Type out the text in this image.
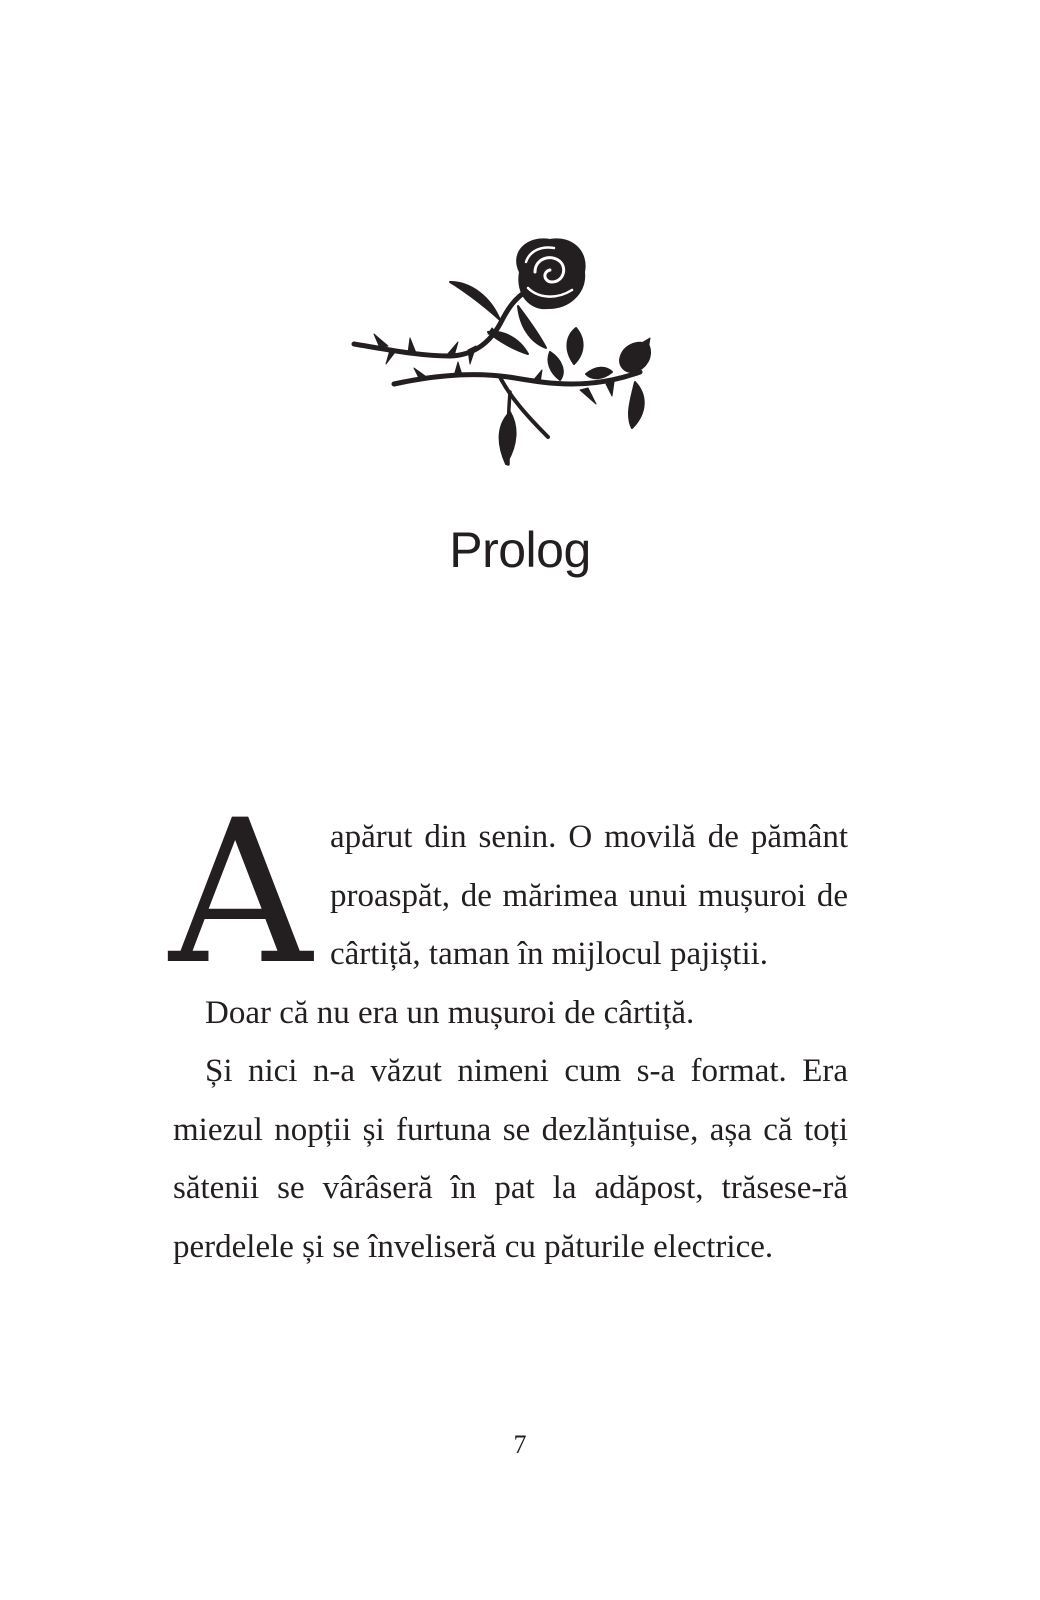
Prolog

Aapărut din senin. O movilă de pământ proaspăt, de mărimea unui mușuroi de cârtiță, taman în mijlocul pajiștii.

Doar că nu era un mușuroi de cârtiță.

Și nici n-a văzut nimeni cum s-a format. Era miezul nopții și furtuna se dezlănțuise, așa că toți sătenii se vârâseră în pat la adăpost, trăsese-ră perdelele și se înveliseră cu păturile electrice.

7
